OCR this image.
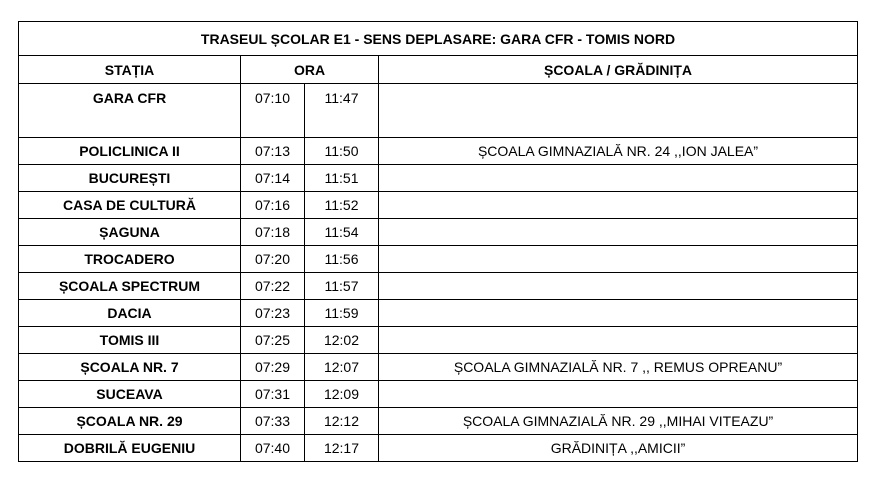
TRASEUL ȘCOLAR E1 - SENS DEPLASARE: GARA CFR - TOMIS NORD			
STAȚIA	ORA		ȘCOALA / GRĂDINIȚA
GARA CFR	07:10	11:47	
POLICLINICA II	07:13	11:50	ȘCOALA GIMNAZIALĂ NR. 24 ,,ION JALEA”
BUCUREȘTI	07:14	11:51	
CASA DE CULTURĂ	07:16	11:52	
ȘAGUNA	07:18	11:54	
TROCADERO	07:20	11:56	
ȘCOALA SPECTRUM	07:22	11:57	
DACIA	07:23	11:59	
TOMIS III	07:25	12:02	
ȘCOALA NR. 7	07:29	12:07	ȘCOALA GIMNAZIALĂ NR. 7 ,, REMUS OPREANU”
SUCEAVA	07:31	12:09	
ȘCOALA NR. 29	07:33	12:12	ȘCOALA GIMNAZIALĂ NR. 29 ,,MIHAI VITEAZU”
DOBRILĂ EUGENIU	07:40	12:17	GRĂDINIȚA ,,AMICII”
